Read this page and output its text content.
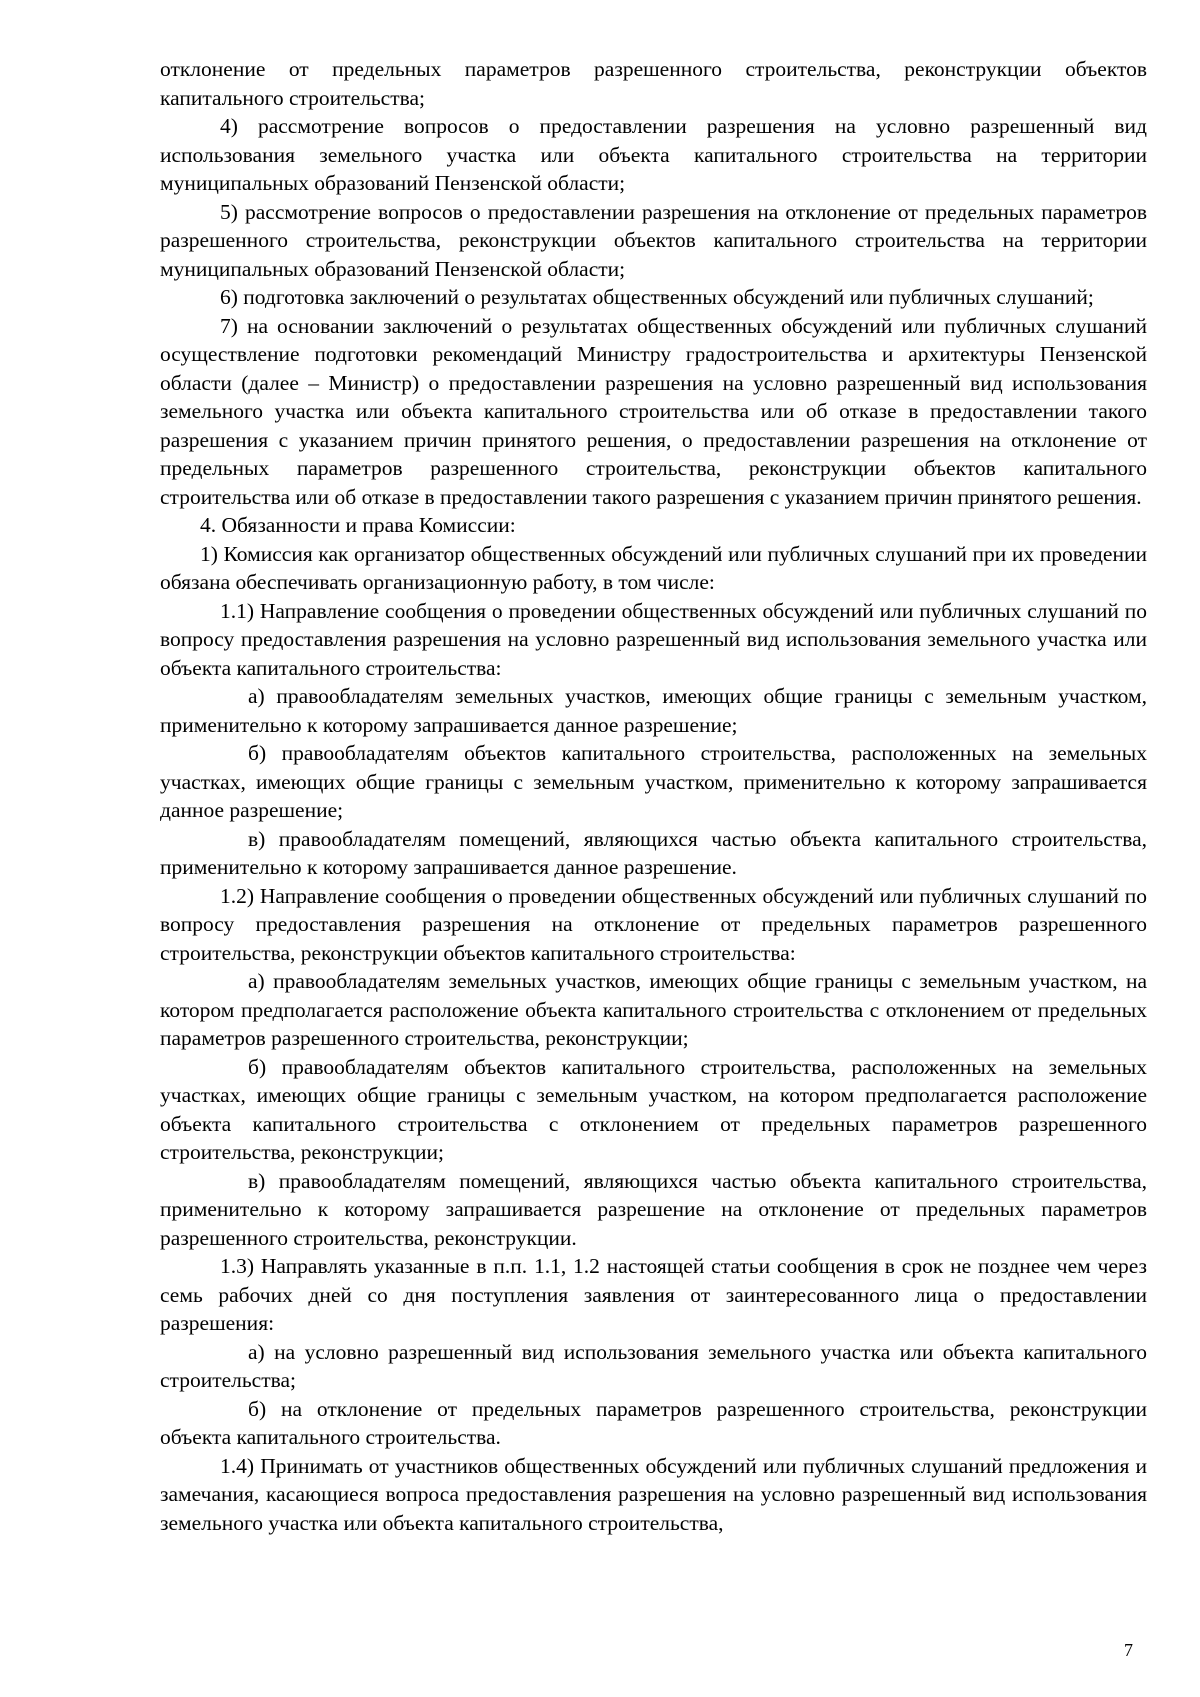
отклонение от предельных параметров разрешенного строительства, реконструкции объектов капитального строительства;

4) рассмотрение вопросов о предоставлении разрешения на условно разрешенный вид использования земельного участка или объекта капитального строительства на территории муниципальных образований Пензенской области;

5) рассмотрение вопросов о предоставлении разрешения на отклонение от предельных параметров разрешенного строительства, реконструкции объектов капитального строительства на территории муниципальных образований Пензенской области;

6) подготовка заключений о результатах общественных обсуждений или публичных слушаний;

7) на основании заключений о результатах общественных обсуждений или публичных слушаний осуществление подготовки рекомендаций Министру градостроительства и архитектуры Пензенской области (далее – Министр) о предоставлении разрешения на условно разрешенный вид использования земельного участка или объекта капитального строительства или об отказе в предоставлении такого разрешения с указанием причин принятого решения, о предоставлении разрешения на отклонение от предельных параметров разрешенного строительства, реконструкции объектов капитального строительства или об отказе в предоставлении такого разрешения с указанием причин принятого решения.

4. Обязанности и права Комиссии:

1) Комиссия как организатор общественных обсуждений или публичных слушаний при их проведении обязана обеспечивать организационную работу, в том числе:

1.1) Направление сообщения о проведении общественных обсуждений или публичных слушаний по вопросу предоставления разрешения на условно разрешенный вид использования земельного участка или объекта капитального строительства:

а) правообладателям земельных участков, имеющих общие границы с земельным участком, применительно к которому запрашивается данное разрешение;

б) правообладателям объектов капитального строительства, расположенных на земельных участках, имеющих общие границы с земельным участком, применительно к которому запрашивается данное разрешение;

в) правообладателям помещений, являющихся частью объекта капитального строительства, применительно к которому запрашивается данное разрешение.

1.2) Направление сообщения о проведении общественных обсуждений или публичных слушаний по вопросу предоставления разрешения на отклонение от предельных параметров разрешенного строительства, реконструкции объектов капитального строительства:

а) правообладателям земельных участков, имеющих общие границы с земельным участком, на котором предполагается расположение объекта капитального строительства с отклонением от предельных параметров разрешенного строительства, реконструкции;

б) правообладателям объектов капитального строительства, расположенных на земельных участках, имеющих общие границы с земельным участком, на котором предполагается расположение объекта капитального строительства с отклонением от предельных параметров разрешенного строительства, реконструкции;

в) правообладателям помещений, являющихся частью объекта капитального строительства, применительно к которому запрашивается разрешение на отклонение от предельных параметров разрешенного строительства, реконструкции.

1.3) Направлять указанные в п.п. 1.1, 1.2 настоящей статьи сообщения в срок не позднее чем через семь рабочих дней со дня поступления заявления от заинтересованного лица о предоставлении разрешения:

а) на условно разрешенный вид использования земельного участка или объекта капитального строительства;

б) на отклонение от предельных параметров разрешенного строительства, реконструкции объекта капитального строительства.

1.4) Принимать от участников общественных обсуждений или публичных слушаний предложения и замечания, касающиеся вопроса предоставления разрешения на условно разрешенный вид использования земельного участка или объекта капитального строительства,

7
